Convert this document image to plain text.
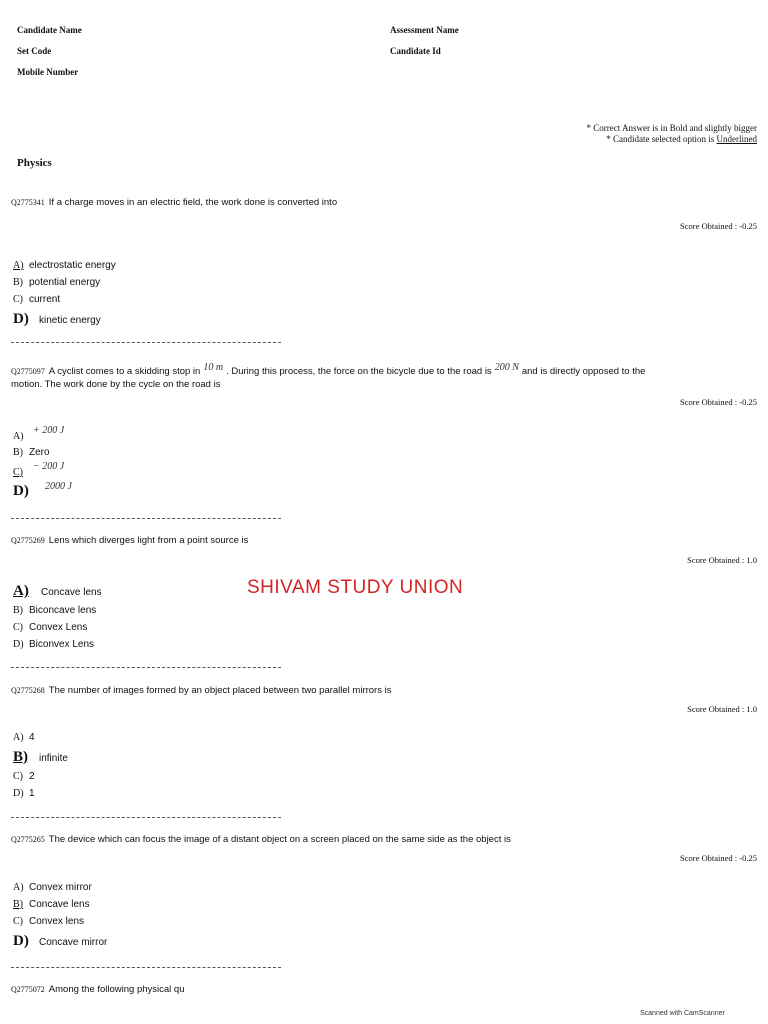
Candidate Name
Set Code
Mobile Number
Assessment Name
Candidate Id
* Correct Answer is in Bold and slightly bigger
* Candidate selected option is Underlined
Physics
Q2775341 If a charge moves in an electric field, the work done is converted into
Score Obtained : -0.25
A) electrostatic energy
B) potential energy
C) current
D) kinetic energy
Q2775097 A cyclist comes to a skidding stop in 10 m . During this process, the force on the bicycle due to the road is 200 N and is directly opposed to the
motion. The work done by the cycle on the road is
Score Obtained : -0.25
A)+ 200 J
B) Zero
C)− 200 J
D) 2000 J
Q2775269 Lens which diverges light from a point source is
Score Obtained : 1.0
A) Concave lens
B) Biconcave lens
C) Convex Lens
D) Biconvex Lens
SHIVAM STUDY UNION
Q2775268 The number of images formed by an object placed between two parallel mirrors is
Score Obtained : 1.0
A) 4
B) infinite
C) 2
D) 1
Q2775265 The device which can focus the image of a distant object on a screen placed on the same side as the object is
Score Obtained : -0.25
A) Convex mirror
B) Concave lens
C) Convex lens
D) Concave mirror
Q2775072 Among the following physical qu
Scanned with CamScanner
